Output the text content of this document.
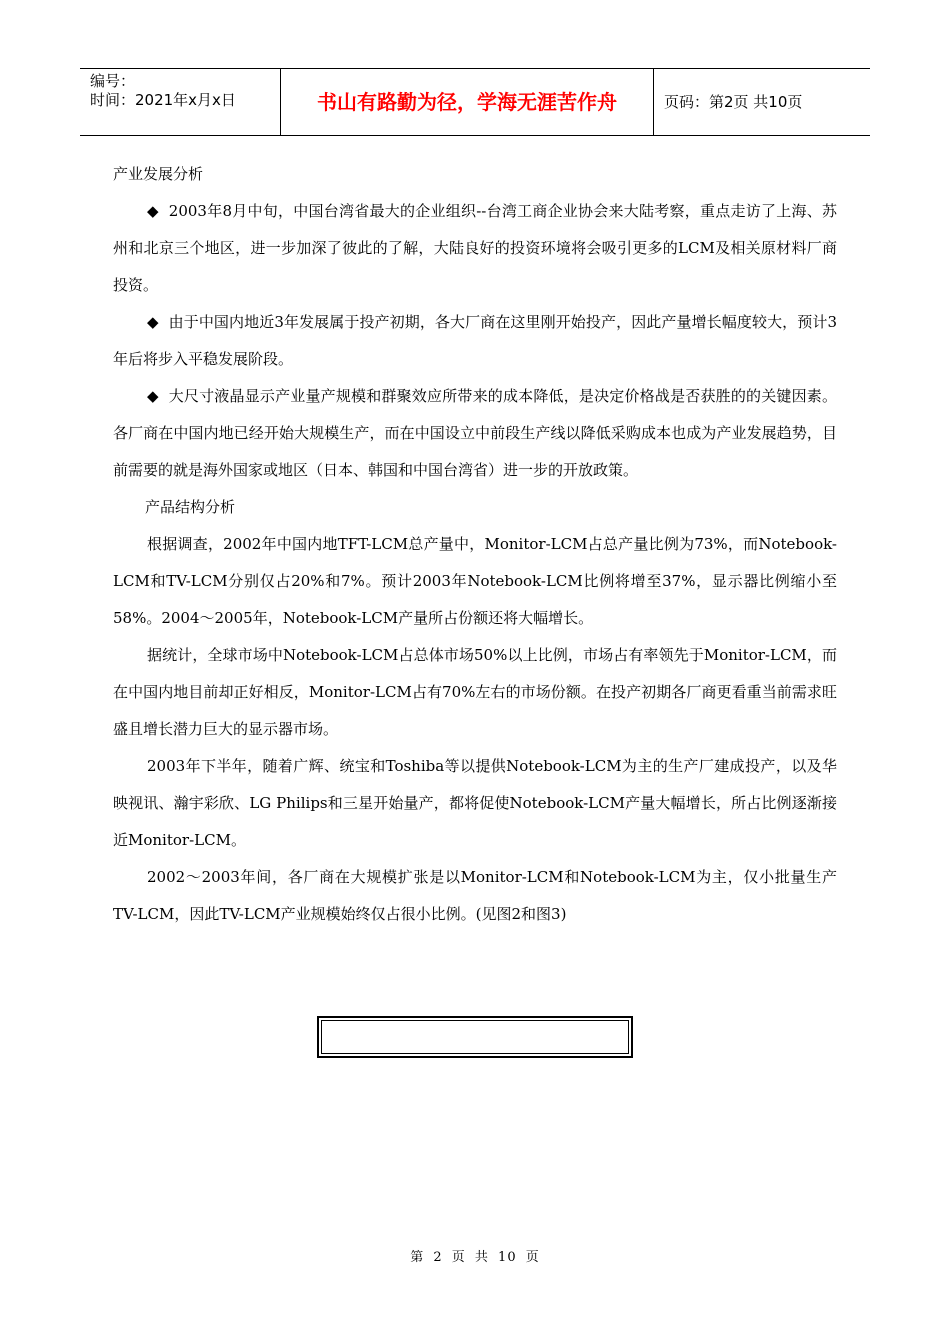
编号：
时间：2021年x月x日	书山有路勤为径，学海无涯苦作舟	页码：第2页 共10页

产业发展分析

◆ 2003年8月中旬，中国台湾省最大的企业组织--台湾工商企业协会来大陆考察，重点走访了上海、苏州和北京三个地区，进一步加深了彼此的了解，大陆良好的投资环境将会吸引更多的LCM及相关原材料厂商投资。

◆ 由于中国内地近3年发展属于投产初期，各大厂商在这里刚开始投产，因此产量增长幅度较大，预计3年后将步入平稳发展阶段。

◆ 大尺寸液晶显示产业量产规模和群聚效应所带来的成本降低，是决定价格战是否获胜的的关键因素。各厂商在中国内地已经开始大规模生产，而在中国设立中前段生产线以降低采购成本也成为产业发展趋势，目前需要的就是海外国家或地区（日本、韩国和中国台湾省）进一步的开放政策。

产品结构分析

根据调查，2002年中国内地TFT-LCM总产量中，Monitor-LCM占总产量比例为73%，而Notebook-LCM和TV-LCM分别仅占20%和7%。预计2003年Notebook-LCM比例将增至37%，显示器比例缩小至58%。2004～2005年，Notebook-LCM产量所占份额还将大幅增长。

据统计，全球市场中Notebook-LCM占总体市场50%以上比例，市场占有率领先于Monitor-LCM，而在中国内地目前却正好相反，Monitor-LCM占有70%左右的市场份额。在投产初期各厂商更看重当前需求旺盛且增长潜力巨大的显示器市场。

2003年下半年，随着广辉、统宝和Toshiba等以提供Notebook-LCM为主的生产厂建成投产，以及华映视讯、瀚宇彩欣、LG Philips和三星开始量产，都将促使Notebook-LCM产量大幅增长，所占比例逐渐接近Monitor-LCM。

2002～2003年间，各厂商在大规模扩张是以Monitor-LCM和Notebook-LCM为主，仅小批量生产TV-LCM，因此TV-LCM产业规模始终仅占很小比例。(见图2和图3)

第 2 页 共 10 页
